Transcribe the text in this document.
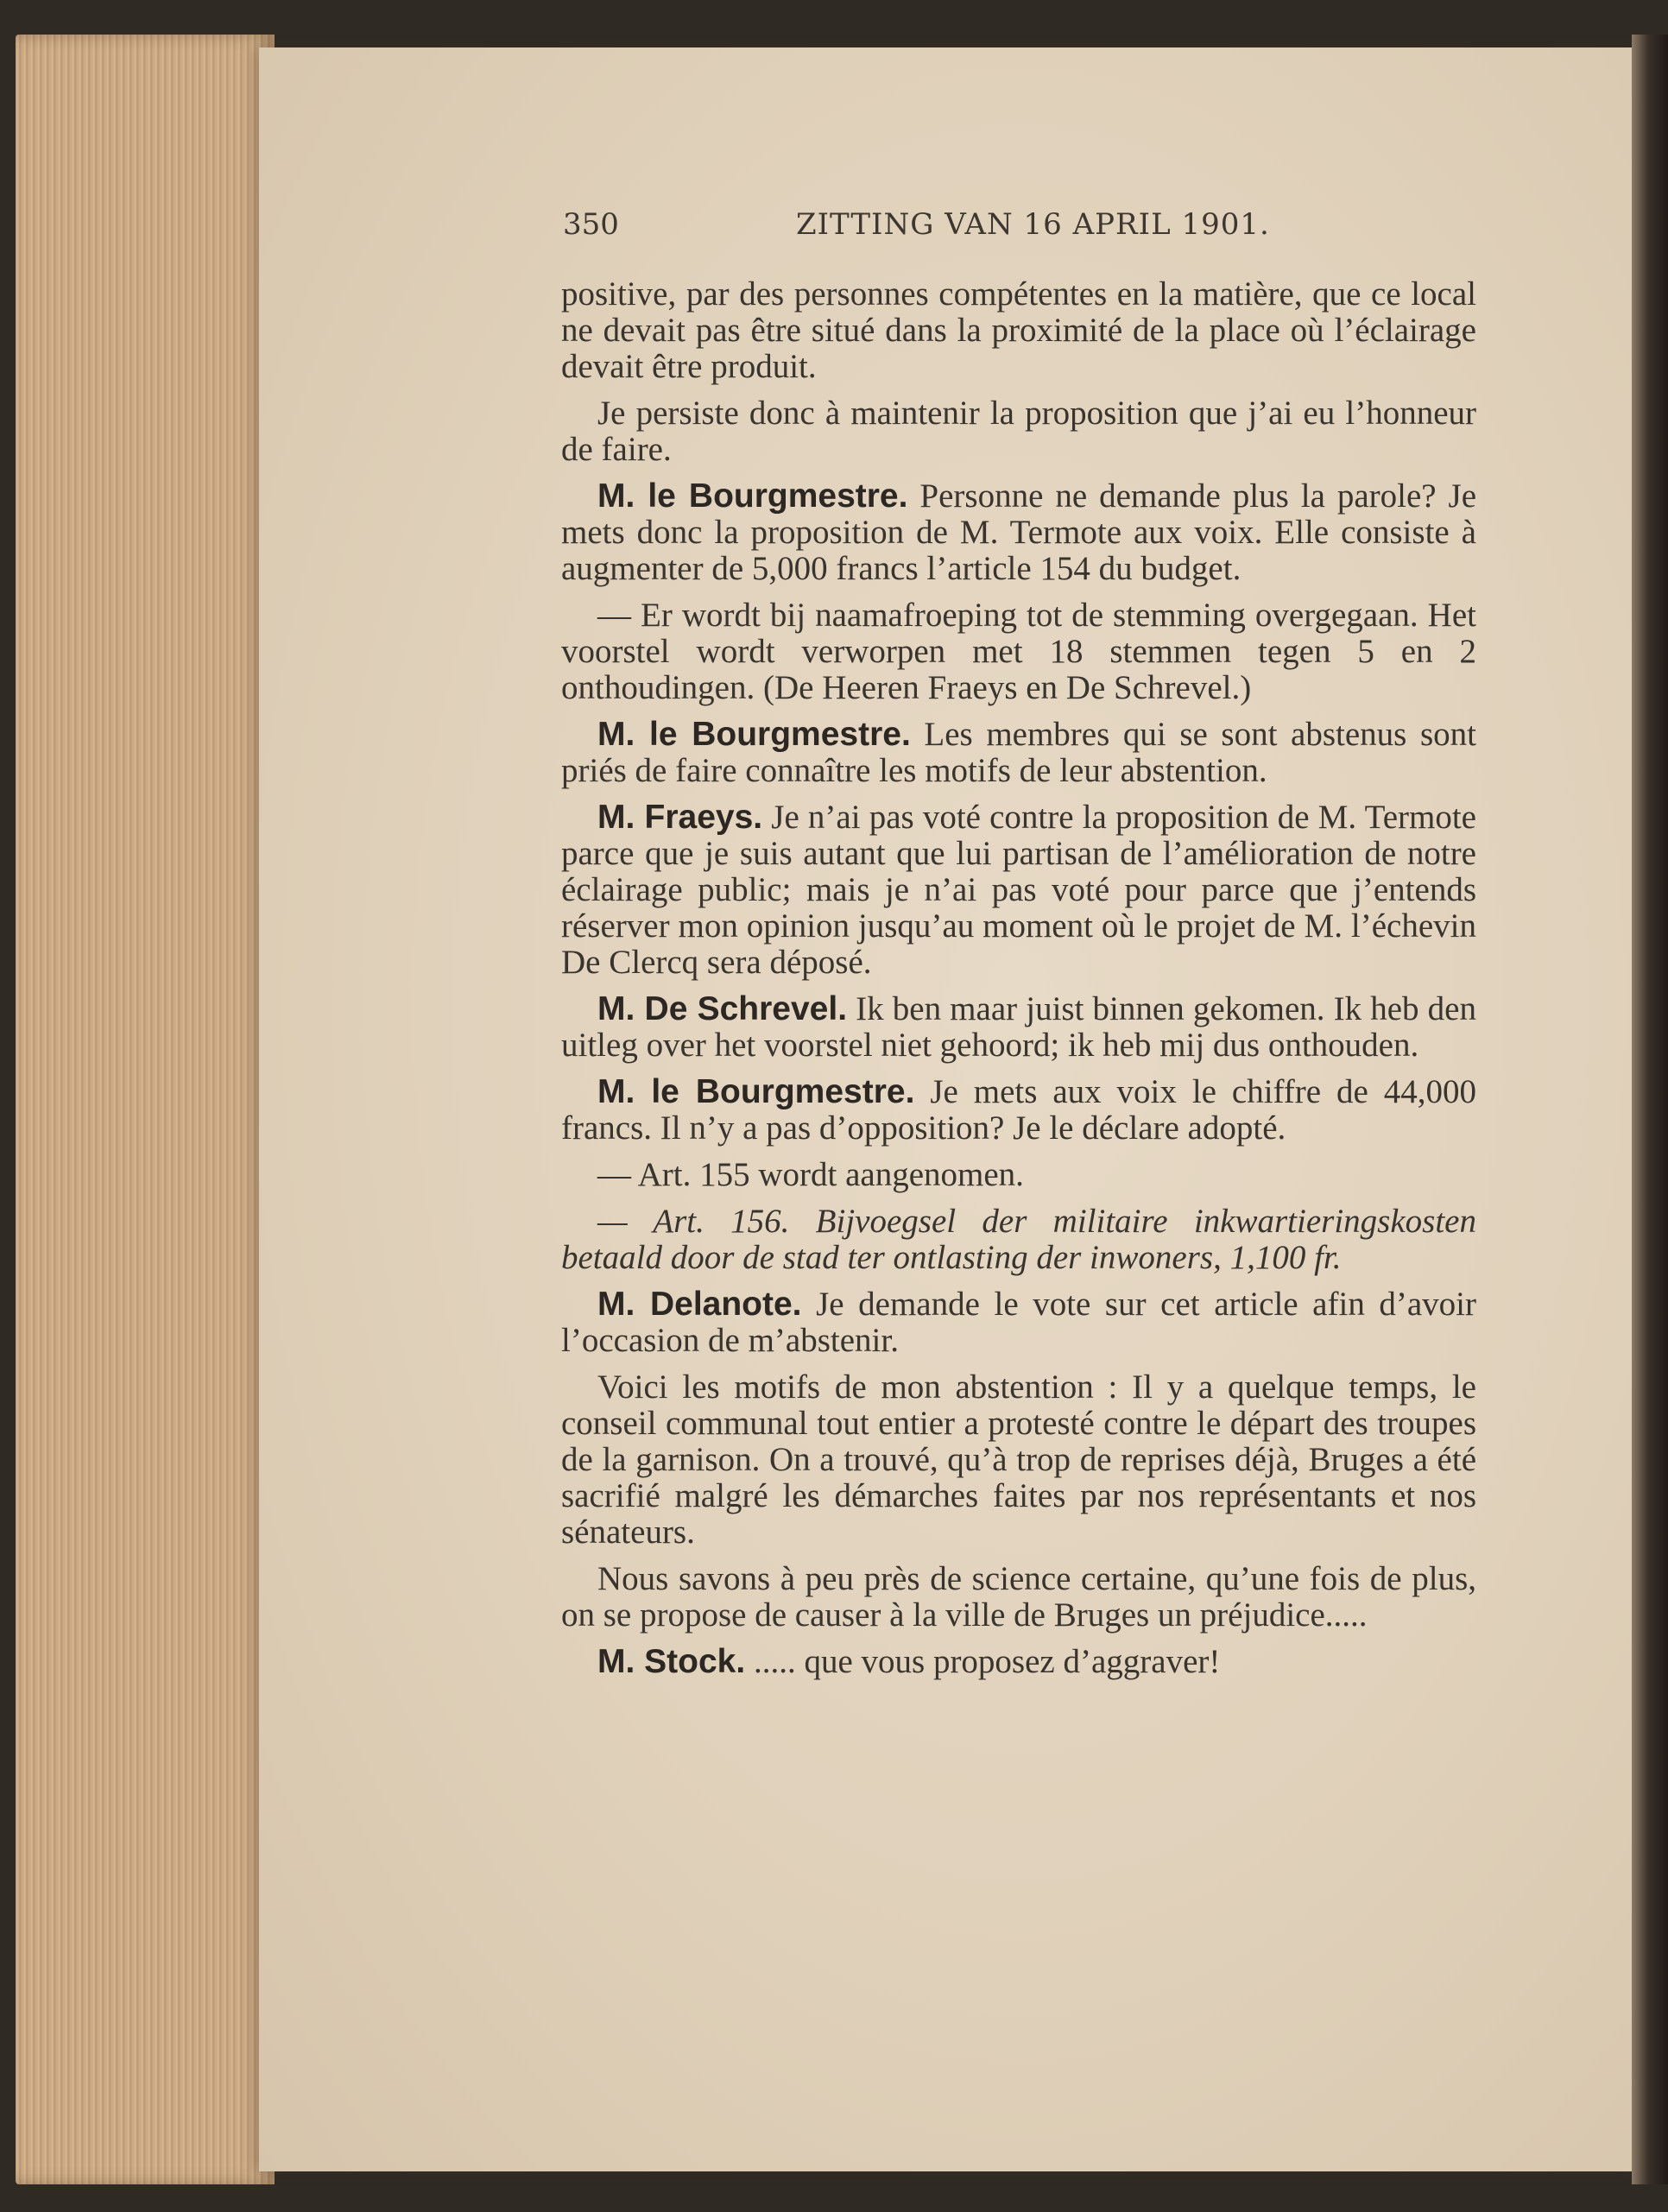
350	ZITTING VAN 16 APRIL 1901.

positive, par des personnes compétentes en la matière, que ce local ne devait pas être situé dans la proximité de la place où l’éclairage devait être produit.

Je persiste donc à maintenir la proposition que j’ai eu l’honneur de faire.

M. le Bourgmestre. Personne ne demande plus la parole? Je mets donc la proposition de M. Termote aux voix. Elle consiste à augmenter de 5,000 francs l’article 154 du budget.

— Er wordt bij naamafroeping tot de stemming overgegaan. Het voorstel wordt verworpen met 18 stemmen tegen 5 en 2 onthoudingen. (De Heeren Fraeys en De Schrevel.)

M. le Bourgmestre. Les membres qui se sont abstenus sont priés de faire connaître les motifs de leur abstention.

M. Fraeys. Je n’ai pas voté contre la proposition de M. Termote parce que je suis autant que lui partisan de l’amélioration de notre éclairage public; mais je n’ai pas voté pour parce que j’entends réserver mon opinion jusqu’au moment où le projet de M. l’échevin De Clercq sera déposé.

M. De Schrevel. Ik ben maar juist binnen gekomen. Ik heb den uitleg over het voorstel niet gehoord; ik heb mij dus onthouden.

M. le Bourgmestre. Je mets aux voix le chiffre de 44,000 francs. Il n’y a pas d’opposition? Je le déclare adopté.

— Art. 155 wordt aangenomen.

— Art. 156. Bijvoegsel der militaire inkwartieringskosten betaald door de stad ter ontlasting der inwoners, 1,100 fr.

M. Delanote. Je demande le vote sur cet article afin d’avoir l’occasion de m’abstenir.

Voici les motifs de mon abstention : Il y a quelque temps, le conseil communal tout entier a protesté contre le départ des troupes de la garnison. On a trouvé, qu’à trop de reprises déjà, Bruges a été sacrifié malgré les démarches faites par nos représentants et nos sénateurs.

Nous savons à peu près de science certaine, qu’une fois de plus, on se propose de causer à la ville de Bruges un préjudice.....

M. Stock. ..... que vous proposez d’aggraver!
